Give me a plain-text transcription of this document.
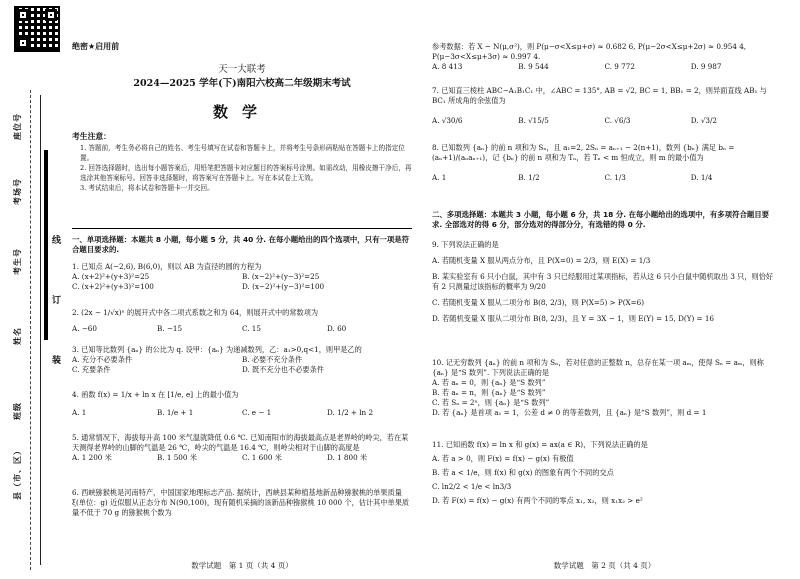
座位号
考场号
考生号
姓名
班级
县（市、区）
线
订
装
绝密★启用前
天一大联考
2024—2025 学年(下)南阳六校高二年级期末考试
数学
考生注意：

1. 答题前，考生务必将自己的姓名、考生号填写在试卷和答题卡上，并将考生号条形码粘贴在答题卡上的指定位置。

2. 回答选择题时，选出每小题答案后，用铅笔把答题卡对应题目的答案标号涂黑。如需改动，用橡皮擦干净后，再选涂其他答案标号。回答非选择题时，将答案写在答题卡上。写在本试卷上无效。

3. 考试结束后，将本试卷和答题卡一并交回。

一、单项选择题：本题共 8 小题，每小题 5 分，共 40 分. 在每小题给出的四个选项中，只有一项是符合题目要求的.
1. 已知点 A(−2,6), B(6,0)，则以 AB 为直径的圆的方程为
A. (x+2)²+(y+3)²=25	B. (x−2)²+(y−3)²=25
C. (x+2)²+(y+3)²=100	D. (x−2)²+(y−3)²=100
2. (2x − 1/√x)ⁿ 的展开式中各二项式系数之和为 64，则展开式中的常数项为
A. −60	B. −15	C. 15	D. 60
3. 已知等比数列 {aₙ} 的公比为 q. 设甲：{aₙ} 为递减数列，乙：a₁>0,q<1，则甲是乙的
A. 充分不必要条件	B. 必要不充分条件
C. 充要条件	D. 既不充分也不必要条件
4. 函数 f(x) = 1/x + ln x 在 [1/e, e] 上的最小值为
A. 1	B. 1/e + 1	C. e − 1	D. 1/2 + ln 2
5. 通常情况下，海拔每升高 100 米气温就降低 0.6 ℃. 已知南阳市的海拔最高点是老界岭的岭尖，若在某天测得老界岭的山脚的气温是 26 ℃，岭尖的气温是 16.4 ℃，则岭尖相对于山脚的高度是
A. 1 200 米	B. 1 500 米	C. 1 600 米	D. 1 800 米
6. 西峡猕猴桃是河南特产，中国国家地理标志产品. 据统计，西峡县某种植基地新品种猕猴桃的单果质量 ξ(单位：g) 近似服从正态分布 N(90,100)，现有随机采摘的该新品种猕猴桃 10 000 个，估计其中单果质量不低于 70 g 的猕猴桃个数为
数学试题　第 1 页（共 4 页）
参考数据：若 X ~ N(μ,σ²)，则 P(μ−σ<X≤μ+σ) ≈ 0.682 6, P(μ−2σ<X≤μ+2σ) ≈ 0.954 4, P(μ−3σ<X≤μ+3σ) ≈ 0.997 4.
A. 8 413	B. 9 544	C. 9 772	D. 9 987
7. 已知直三棱柱 ABC−A₁B₁C₁ 中，∠ABC = 135°, AB = √2, BC = 1, BB₁ = 2，则异面直线 AB₁ 与 BC₁ 所成角的余弦值为
A. √30/6	B. √15/5	C. √6/3	D. √3/2
8. 已知数列 {aₙ} 的前 n 项和为 Sₙ，且 a₁=2, 2Sₙ = aₙ₊₁ − 2(n+1)，数列 {bₙ} 满足 bₙ = (aₙ+1)/(aₙaₙ₊₁)，记 {bₙ} 的前 n 项和为 Tₙ，若 Tₙ < m 恒成立，则 m 的最小值为
A. 1	B. 1/2	C. 1/3	D. 1/4
二、多项选择题：本题共 3 小题，每小题 6 分，共 18 分. 在每小题给出的选项中，有多项符合题目要求. 全部选对的得 6 分，部分选对的得部分分，有选错的得 0 分.
9. 下列说法正确的是
A. 若随机变量 X 服从两点分布，且 P(X=0) = 2/3，则 E(X) = 1/3
B. 某实验室有 6 只小白鼠，其中有 3 只已经服用过某项指标，若从这 6 只小白鼠中随机取出 3 只，则恰好有 2 只测量过该指标的概率为 9/20
C. 若随机变量 X 服从二项分布 B(8, 2/3)，则 P(X=5) > P(X=6)
D. 若随机变量 X 服从二项分布 B(8, 2/3)，且 Y = 3X − 1，则 E(Y) = 15, D(Y) = 16
10. 记无穷数列 {aₙ} 的前 n 项和为 Sₙ，若对任意的正整数 n，总存在某一项 aₘ，使得 Sₙ = aₘ，则称 {aₙ} 是“S 数列”. 下列说法正确的是
A. 若 aₙ = 0，则 {aₙ} 是“S 数列”
B. 若 aₙ = n，则 {aₙ} 是“S 数列”
C. 若 Sₙ = 2ⁿ，则 {aₙ} 是“S 数列”
D. 若 {aₙ} 是首项 a₁ = 1，公差 d ≠ 0 的等差数列，且 {aₙ} 是“S 数列”，则 d = 1
11. 已知函数 f(x) = ln x 和 g(x) = ax(a ∈ R)，下列说法正确的是
A. 若 a > 0，则 F(x) = f(x) − g(x) 有极值
B. 若 a < 1/e，则 f(x) 和 g(x) 的图象有两个不同的交点
C. ln2/2 < 1/e < ln3/3
D. 若 F(x) = f(x) − g(x) 有两个不同的零点 x₁, x₂，则 x₁x₂ > e²
数学试题　第 2 页（共 4 页）
